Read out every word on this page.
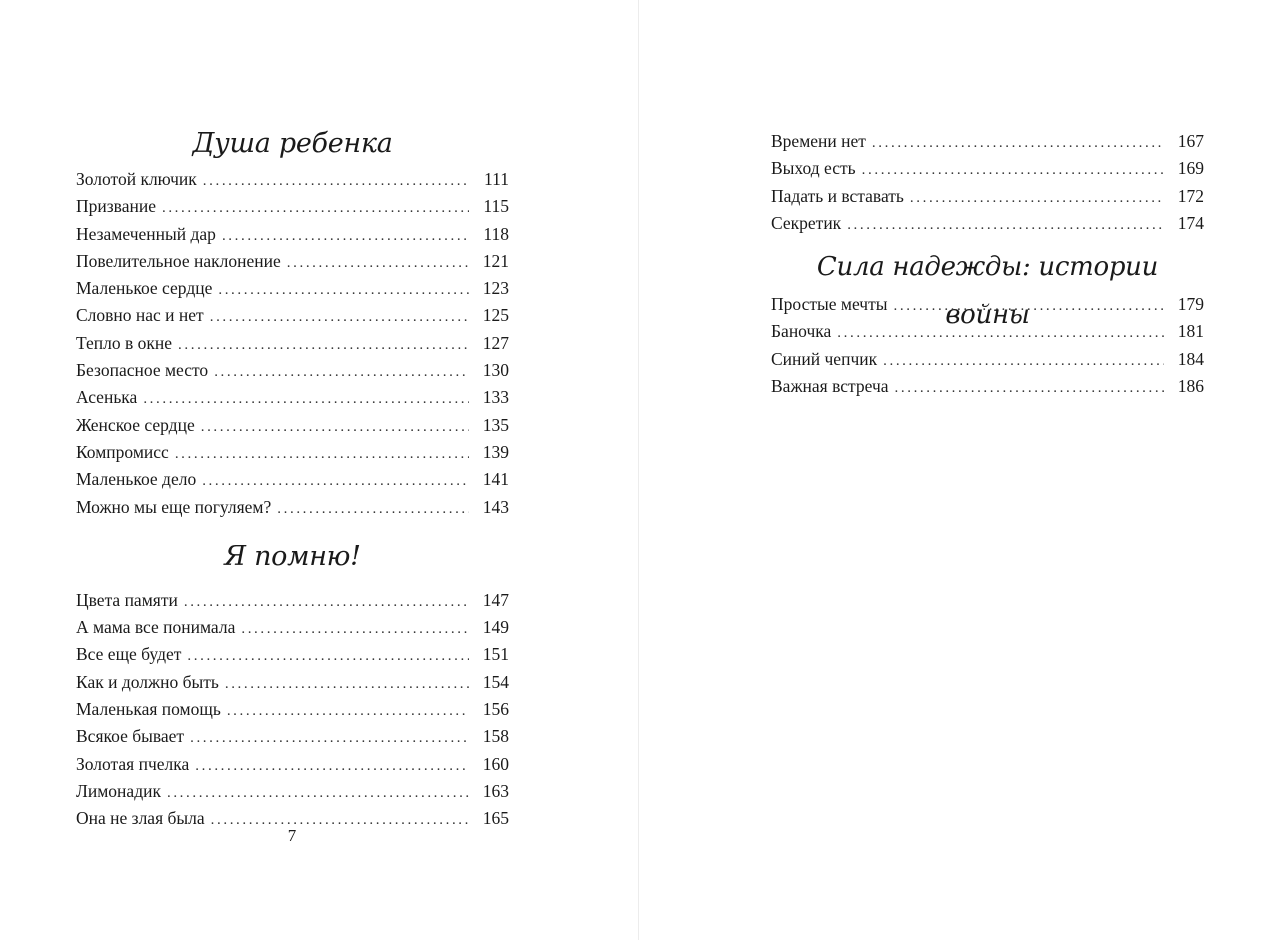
Душа ребенка
Золотой ключик .....	111
Призвание .....	115
Незамеченный дар .....	118
Повелительное наклонение .....	121
Маленькое сердце .....	123
Словно нас и нет .....	125
Тепло в окне .....	127
Безопасное место .....	130
Асенька .....	133
Женское сердце .....	135
Компромисс .....	139
Маленькое дело .....	141
Можно мы еще погуляем? .....	143
Я помню!
Цвета памяти .....	147
А мама все понимала .....	149
Все еще будет .....	151
Как и должно быть .....	154
Маленькая помощь .....	156
Всякое бывает .....	158
Золотая пчелка .....	160
Лимонадик .....	163
Она не злая была .....	165
7
Времени нет .....	167
Выход есть .....	169
Падать и вставать .....	172
Секретик .....	174
Сила надежды: истории войны
Простые мечты .....	179
Баночка .....	181
Синий чепчик .....	184
Важная встреча .....	186
